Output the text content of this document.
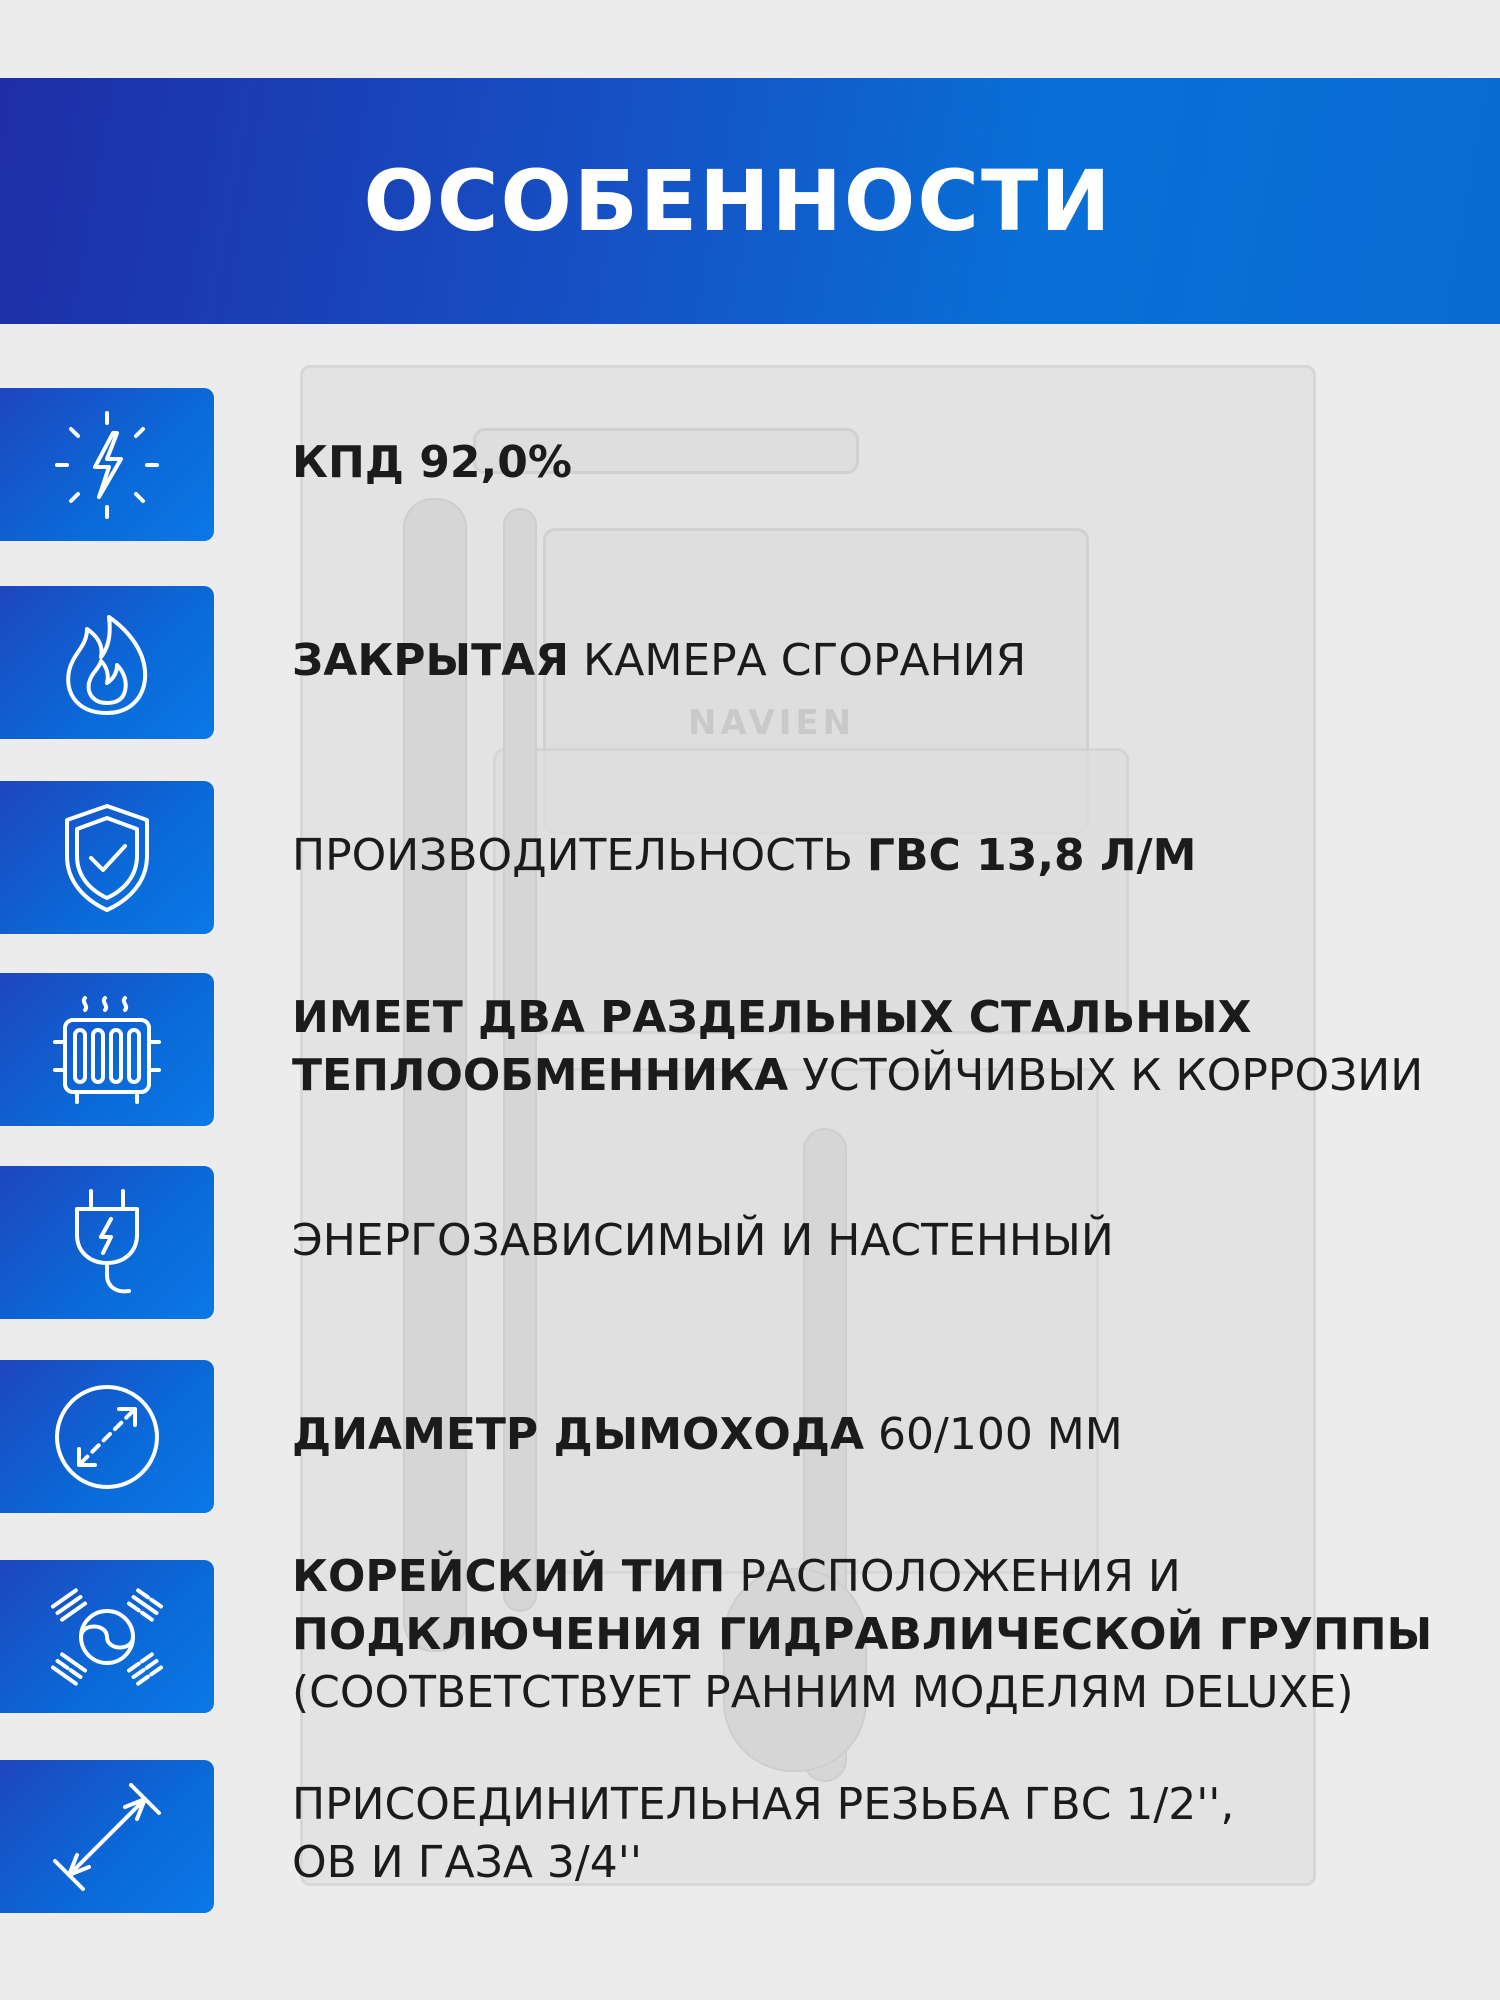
NAVIEN
ОСОБЕННОСТИ
КПД 92,0%
ЗАКРЫТАЯ КАМЕРА СГОРАНИЯ
ПРОИЗВОДИТЕЛЬНОСТЬ ГВС 13,8 Л/М
ИМЕЕТ ДВА РАЗДЕЛЬНЫХ СТАЛЬНЫХ
ТЕПЛООБМЕННИКА УСТОЙЧИВЫХ К КОРРОЗИИ
ЭНЕРГОЗАВИСИМЫЙ И НАСТЕННЫЙ
ДИАМЕТР ДЫМОХОДА 60/100 ММ
КОРЕЙСКИЙ ТИП РАСПОЛОЖЕНИЯ И
ПОДКЛЮЧЕНИЯ ГИДРАВЛИЧЕСКОЙ ГРУППЫ
(СООТВЕТСТВУЕТ РАННИМ МОДЕЛЯМ DELUXE)
ПРИСОЕДИНИТЕЛЬНАЯ РЕЗЬБА ГВС 1/2'',
ОВ И ГАЗА 3/4''
